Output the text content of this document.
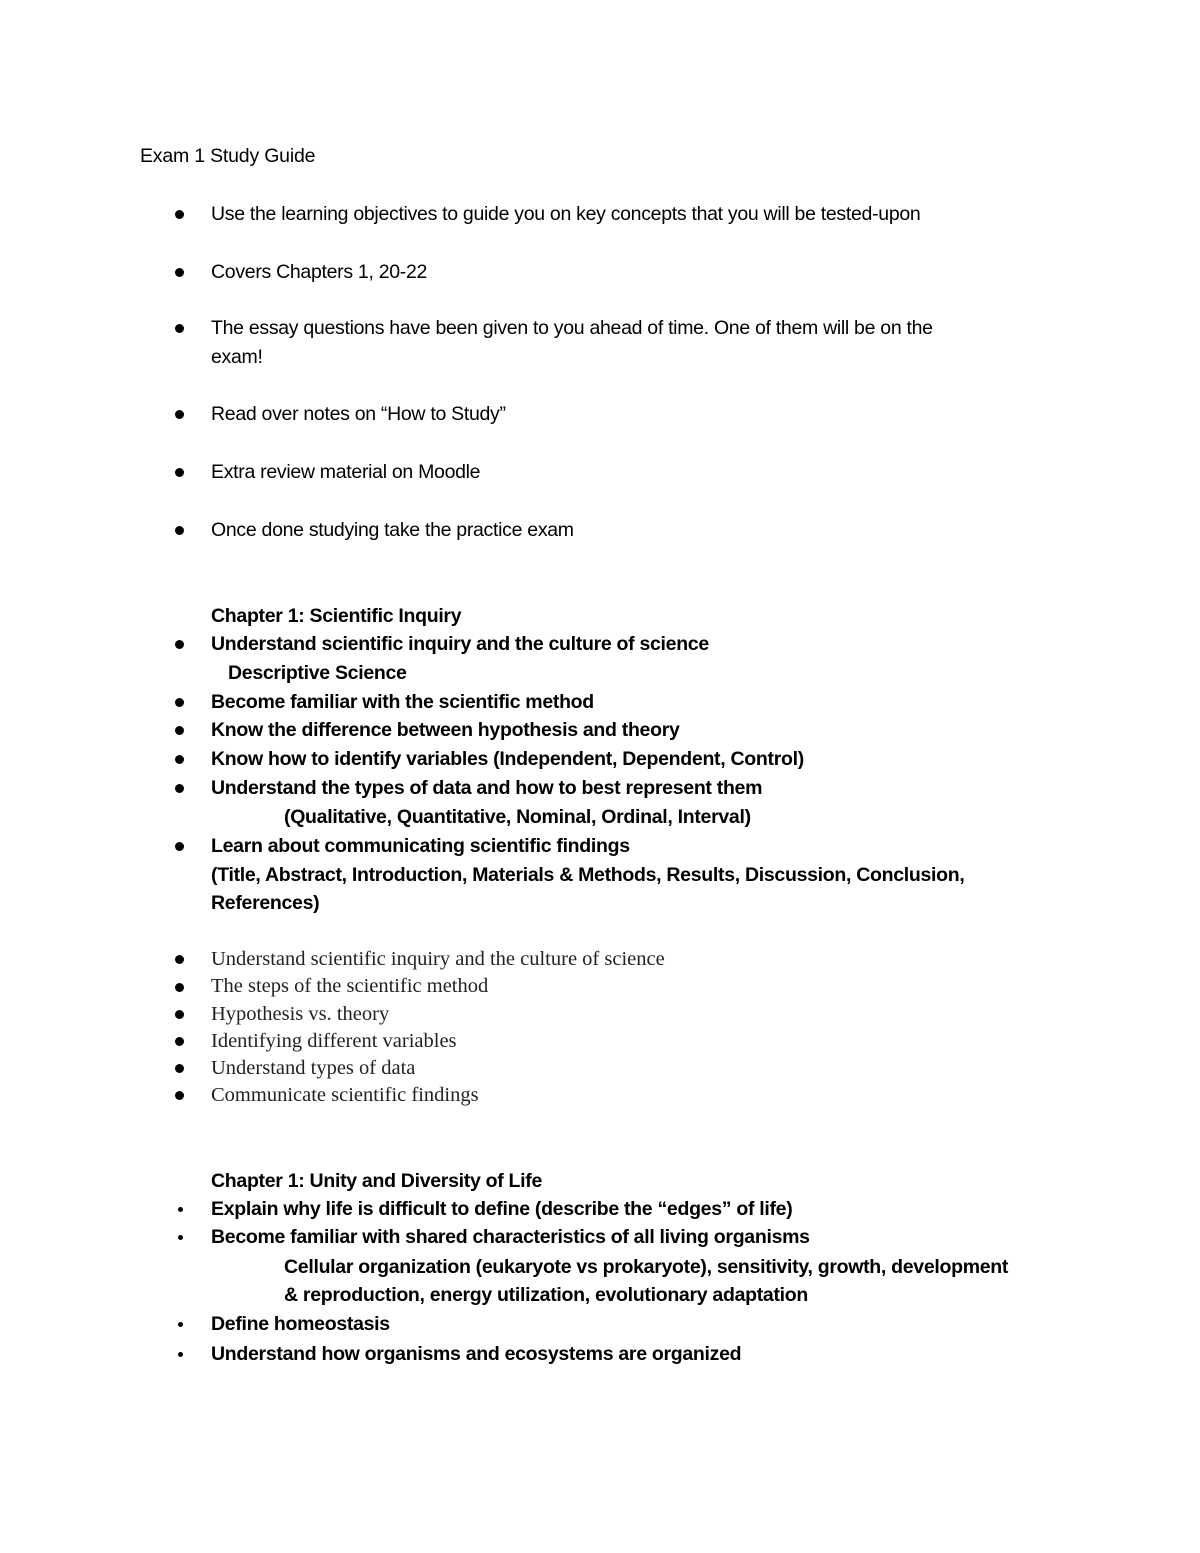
Exam 1 Study Guide
Use the learning objectives to guide you on key concepts that you will be tested-upon
Covers Chapters 1, 20-22
The essay questions have been given to you ahead of time. One of them will be on the
exam!
Read over notes on “How to Study”
Extra review material on Moodle
Once done studying take the practice exam
Chapter 1: Scientific Inquiry
Understand scientific inquiry and the culture of science
Descriptive Science
Become familiar with the scientific method
Know the difference between hypothesis and theory
Know how to identify variables (Independent, Dependent, Control)
Understand the types of data and how to best represent them
(Qualitative, Quantitative, Nominal, Ordinal, Interval)
Learn about communicating scientific findings
(Title, Abstract, Introduction, Materials & Methods, Results, Discussion, Conclusion,
References)
Understand scientific inquiry and the culture of science
The steps of the scientific method
Hypothesis vs. theory
Identifying different variables
Understand types of data
Communicate scientific findings
Chapter 1: Unity and Diversity of Life
Explain why life is difficult to define (describe the “edges” of life)
Become familiar with shared characteristics of all living organisms
Cellular organization (eukaryote vs prokaryote), sensitivity, growth, development
& reproduction, energy utilization, evolutionary adaptation
Define homeostasis
Understand how organisms and ecosystems are organized
